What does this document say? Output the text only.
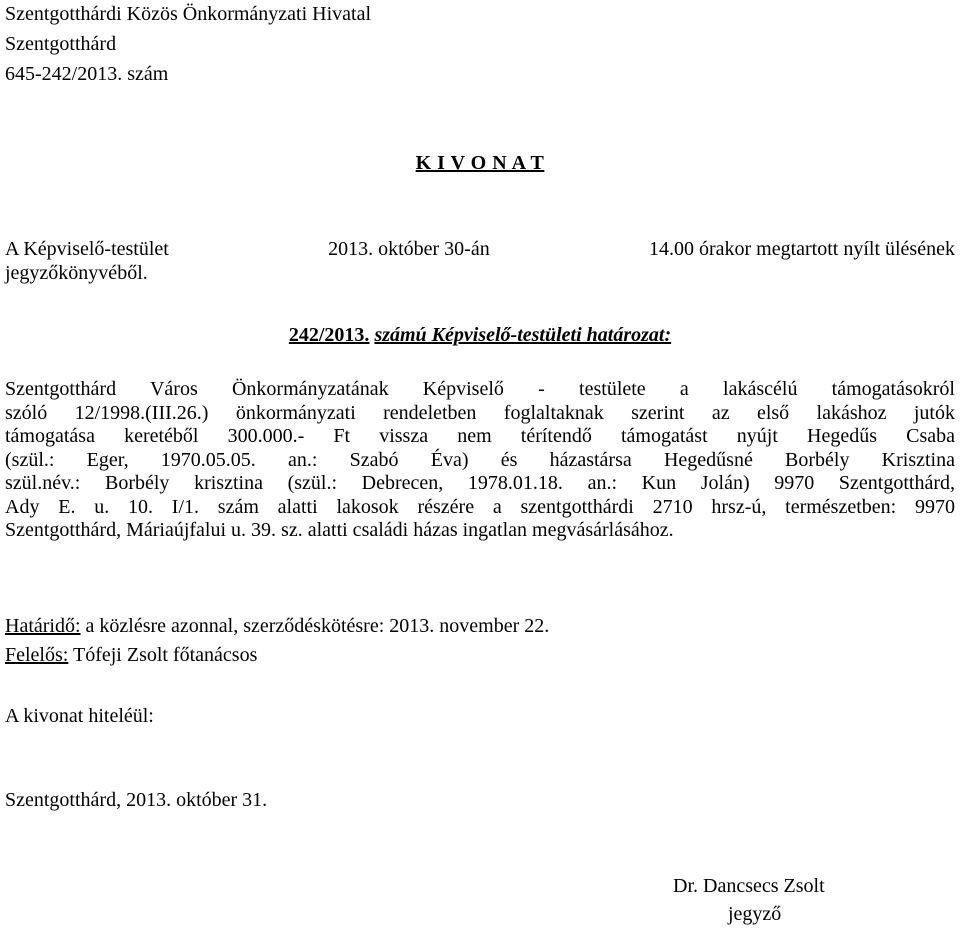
Szentgotthárdi Közös Önkormányzati Hivatal

Szentgotthárd

645-242/2013. szám

K I V O N A T

A Képviselő-testület	2013. október 30-án	14.00 órakor megtartott nyílt ülésének
jegyzőkönyvéből.

242/2013. számú Képviselő-testületi határozat:

Szentgotthárd Város Önkormányzatának Képviselő - testülete a lakáscélú támogatásokról
szóló 12/1998.(III.26.) önkormányzati rendeletben foglaltaknak szerint az első lakáshoz jutók
támogatása keretéből 300.000.- Ft vissza nem térítendő támogatást nyújt Hegedűs Csaba
(szül.: Eger, 1970.05.05. an.: Szabó Éva) és házastársa Hegedűsné Borbély Krisztina
szül.név.: Borbély krisztina (szül.: Debrecen, 1978.01.18. an.: Kun Jolán) 9970 Szentgotthárd,
Ady E. u. 10. I/1. szám alatti lakosok részére a szentgotthárdi 2710 hrsz-ú, természetben: 9970
Szentgotthárd, Máriaújfalui u. 39. sz. alatti családi házas ingatlan megvásárlásához.

Határidő: a közlésre azonnal, szerződéskötésre: 2013. november 22.

Felelős: Tófeji Zsolt főtanácsos

A kivonat hiteléül:

Szentgotthárd, 2013. október 31.

Dr. Dancsecs Zsolt

jegyző
